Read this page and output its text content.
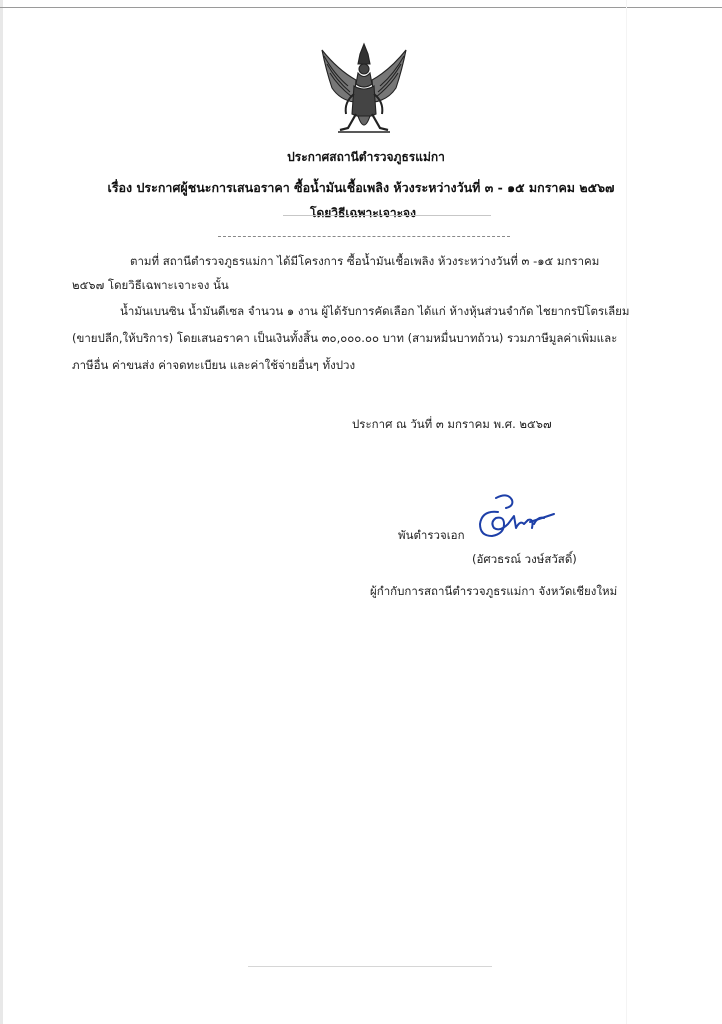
ประกาศสถานีตำรวจภูธรแม่กา
เรื่อง ประกาศผู้ชนะการเสนอราคา ซื้อน้ำมันเชื้อเพลิง ห้วงระหว่างวันที่ ๓ - ๑๕ มกราคม ๒๕๖๗
โดยวิธีเฉพาะเจาะจง
ตามที่ สถานีตำรวจภูธรแม่กา ได้มีโครงการ ซื้อน้ำมันเชื้อเพลิง ห้วงระหว่างวันที่ ๓ -๑๕ มกราคม
๒๕๖๗ โดยวิธีเฉพาะเจาะจง นั้น
น้ำมันเบนซิน น้ำมันดีเซล จำนวน ๑ งาน ผู้ได้รับการคัดเลือก ได้แก่ ห้างหุ้นส่วนจำกัด ไชยากรปิโตรเลียม
(ขายปลีก,ให้บริการ) โดยเสนอราคา เป็นเงินทั้งสิ้น ๓๐,๐๐๐.๐๐ บาท (สามหมื่นบาทถ้วน) รวมภาษีมูลค่าเพิ่มและ
ภาษีอื่น ค่าขนส่ง ค่าจดทะเบียน และค่าใช้จ่ายอื่นๆ ทั้งปวง
ประกาศ ณ วันที่ ๓ มกราคม พ.ศ. ๒๕๖๗
พันตำรวจเอก
(อัศวธรณ์ วงษ์สวัสดิ์)
ผู้กำกับการสถานีตำรวจภูธรแม่กา จังหวัดเชียงใหม่
